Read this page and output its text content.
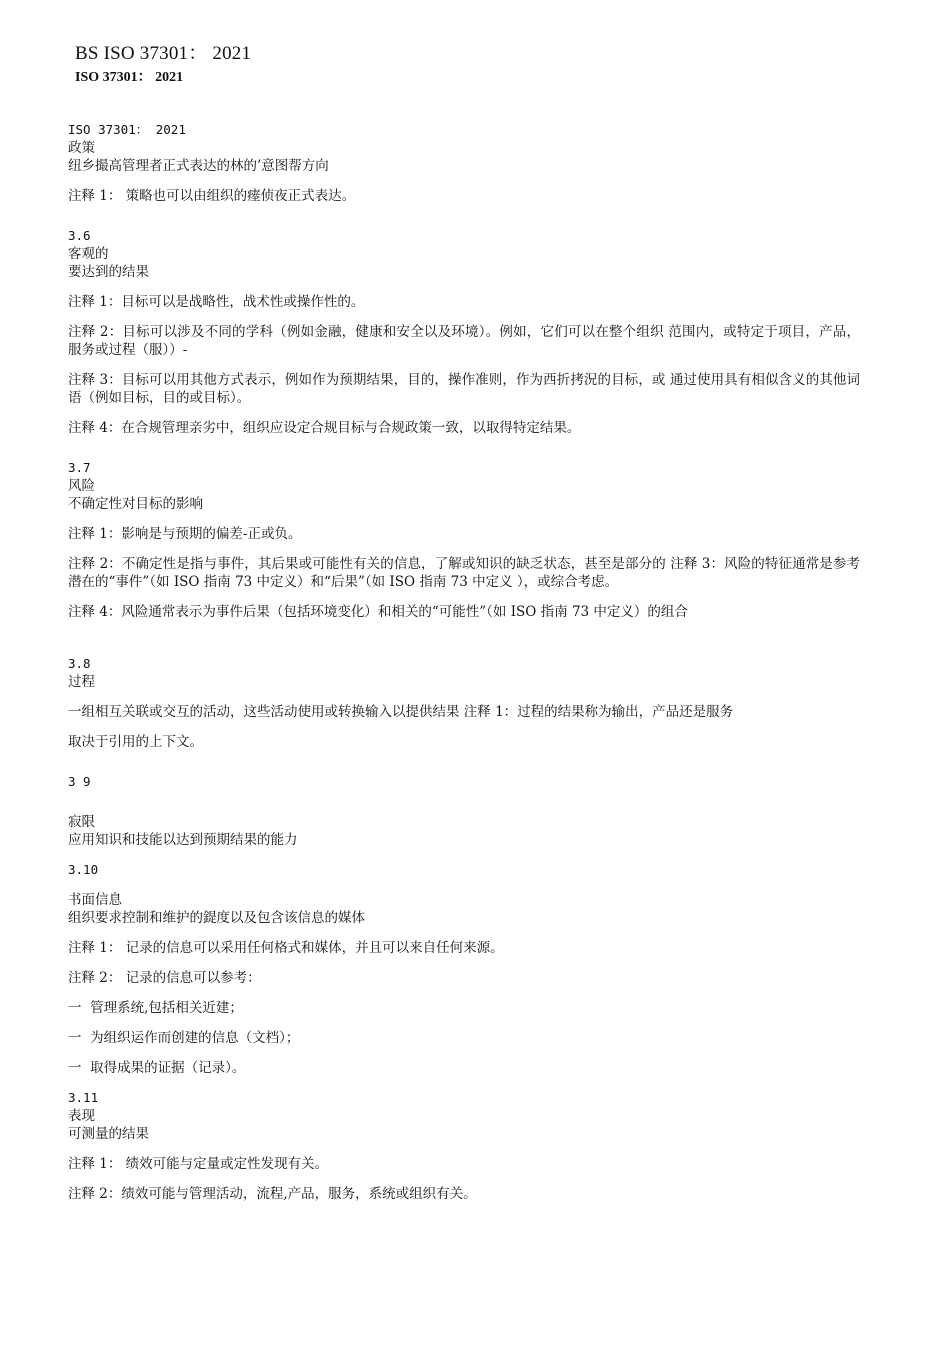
BS ISO 37301： 2021
ISO 37301： 2021

ISO 37301： 2021

政策

纽乡撮高管理者正式表达的林的’意图帮方向

注释 1： 策略也可以由组织的瘗侦夜正式表达。

3.6

客观的

要达到的结果

注释 1：目标可以是战略性，战术性或操作性的。

注释 2：目标可以涉及不同的学科（例如金融，健康和安全以及环境）。例如，它们可以在整个组织 范围内，或特定于项目，产品，服务或过程（服））-

注释 3：目标可以用其他方式表示，例如作为预期结果，目的，操作准则，作为西折拷況的目标，或 通过使用具有相似含义的其他词语（例如目标，目的或目标）。

注释 4：在合规管理亲劣中，组织应设定合规目标与合规政策一致，以取得特定结果。

3.7

风险

不确定性对目标的影响

注释 1：影响是与预期的偏差-正或负。

注释 2：不确定性是指与事件，其后果或可能性有关的信息，了解或知识的缺乏状态，甚至是部分的 注释 3：风险的特征通常是参考潜在的“事件”（如 ISO 指南 73 中定义）和“后果”（如 ISO 指南 73 中定义 ），或综合考虑。

注释 4：风险通常表示为事件后果（包括环境变化）和相关的“可能性”（如 ISO 指南 73 中定义）的组合

3.8

过程

一组相互关联或交互的活动，这些活动使用或转换输入以提供结果 注释 1：过程的结果称为输出，产品还是服务

取决于引用的上下文。

3 9

寂限

应用知识和技能以达到预期结果的能力

3.10

书面信息

组织要求控制和维护的鍉度以及包含该信息的媒体

注释 1： 记录的信息可以采用任何格式和媒体，并且可以来自任何来源。

注释 2： 记录的信息可以参考：

一  管理系统,包括相关近建；

一  为组织运作而创建的信息（文档）；

一  取得成果的证据（记录）。

3.11

表现

可测量的结果

注释 1： 绩效可能与定量或定性发现有关。

注释 2：绩效可能与管理活动，流程,产品，服务，系统或组织有关。
